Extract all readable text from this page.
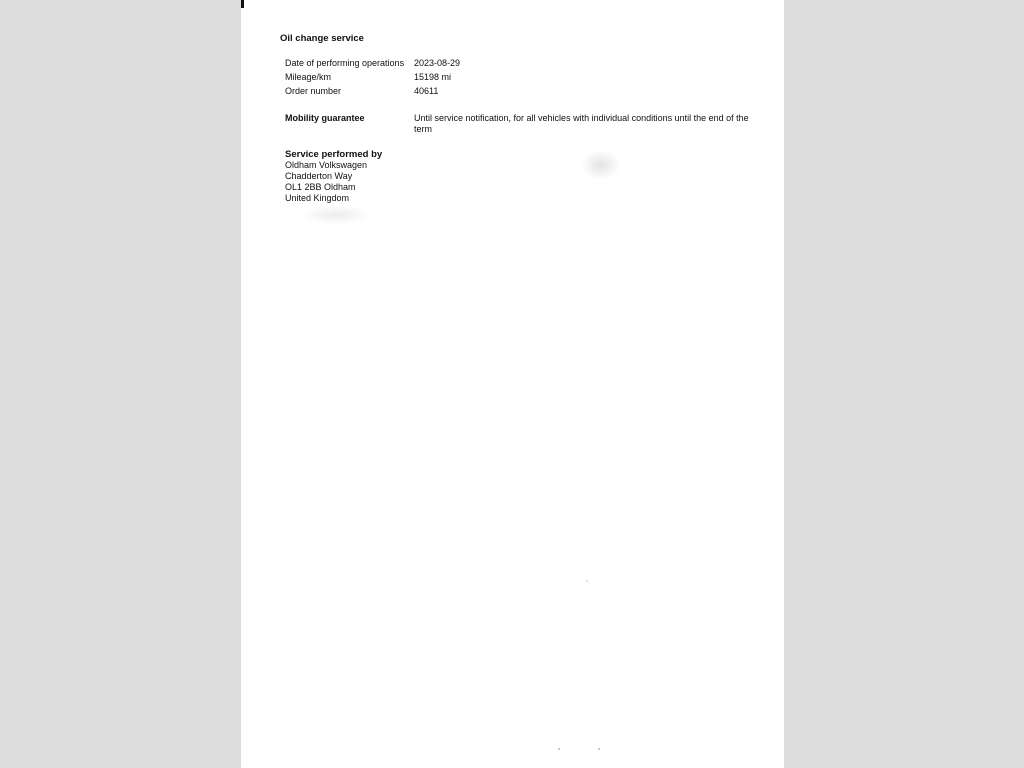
Oil change service
Date of performing operations 2023-08-29
Mileage/km	15198 mi
Order number	40611
Mobility guarantee	Until service notification, for all vehicles with individual conditions until the end of the term
Service performed by
Oldham Volkswagen
Chadderton Way
OL1 2BB Oldham
United Kingdom
